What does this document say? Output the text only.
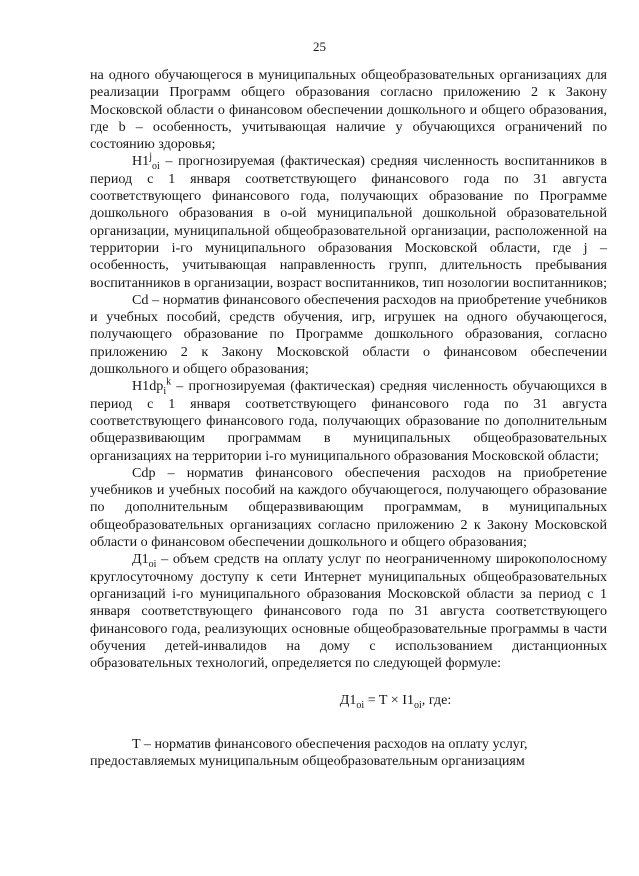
25

на одного обучающегося в муниципальных общеобразовательных организациях для реализации Программ общего образования согласно приложению 2 к Закону Московской области о финансовом обеспечении дошкольного и общего образования, где b – особенность, учитывающая наличие у обучающихся ограничений по состоянию здоровья;

$Н1^j_{oi}$ – прогнозируемая (фактическая) средняя численность воспитанников в период с 1 января соответствующего финансового года по 31 августа соответствующего финансового года, получающих образование по Программе дошкольного образования в о-ой муниципальной дошкольной образовательной организации, муниципальной общеобразовательной организации, расположенной на территории i-го муниципального образования Московской области, где j – особенность, учитывающая направленность групп, длительность пребывания воспитанников в организации, возраст воспитанников, тип нозологии воспитанников;

Cd – норматив финансового обеспечения расходов на приобретение учебников и учебных пособий, средств обучения, игр, игрушек на одного обучающегося, получающего образование по Программе дошкольного образования, согласно приложению 2 к Закону Московской области о финансовом обеспечении дошкольного и общего образования;

$H1dp_i^k$ – прогнозируемая (фактическая) средняя численность обучающихся в период с 1 января соответствующего финансового года по 31 августа соответствующего финансового года, получающих образование по дополнительным общеразвивающим программам в муниципальных общеобразовательных организациях на территории i-го муниципального образования Московской области;

Cdp – норматив финансового обеспечения расходов на приобретение учебников и учебных пособий на каждого обучающегося, получающего образование по дополнительным общеразвивающим программам, в муниципальных общеобразовательных организациях согласно приложению 2 к Закону Московской области о финансовом обеспечении дошкольного и общего образования;

$Д1_{oi}$ – объем средств на оплату услуг по неограниченному широкополосному круглосуточному доступу к сети Интернет муниципальных общеобразовательных организаций i-го муниципального образования Московской области за период с 1 января соответствующего финансового года по 31 августа соответствующего финансового года, реализующих основные общеобразовательные программы в части обучения детей-инвалидов на дому с использованием дистанционных образовательных технологий, определяется по следующей формуле:

$Д1_{oi} = T \times I1_{oi}$, где:

T – норматив финансового обеспечения расходов на оплату услуг,

предоставляемых муниципальным общеобразовательным организациям
